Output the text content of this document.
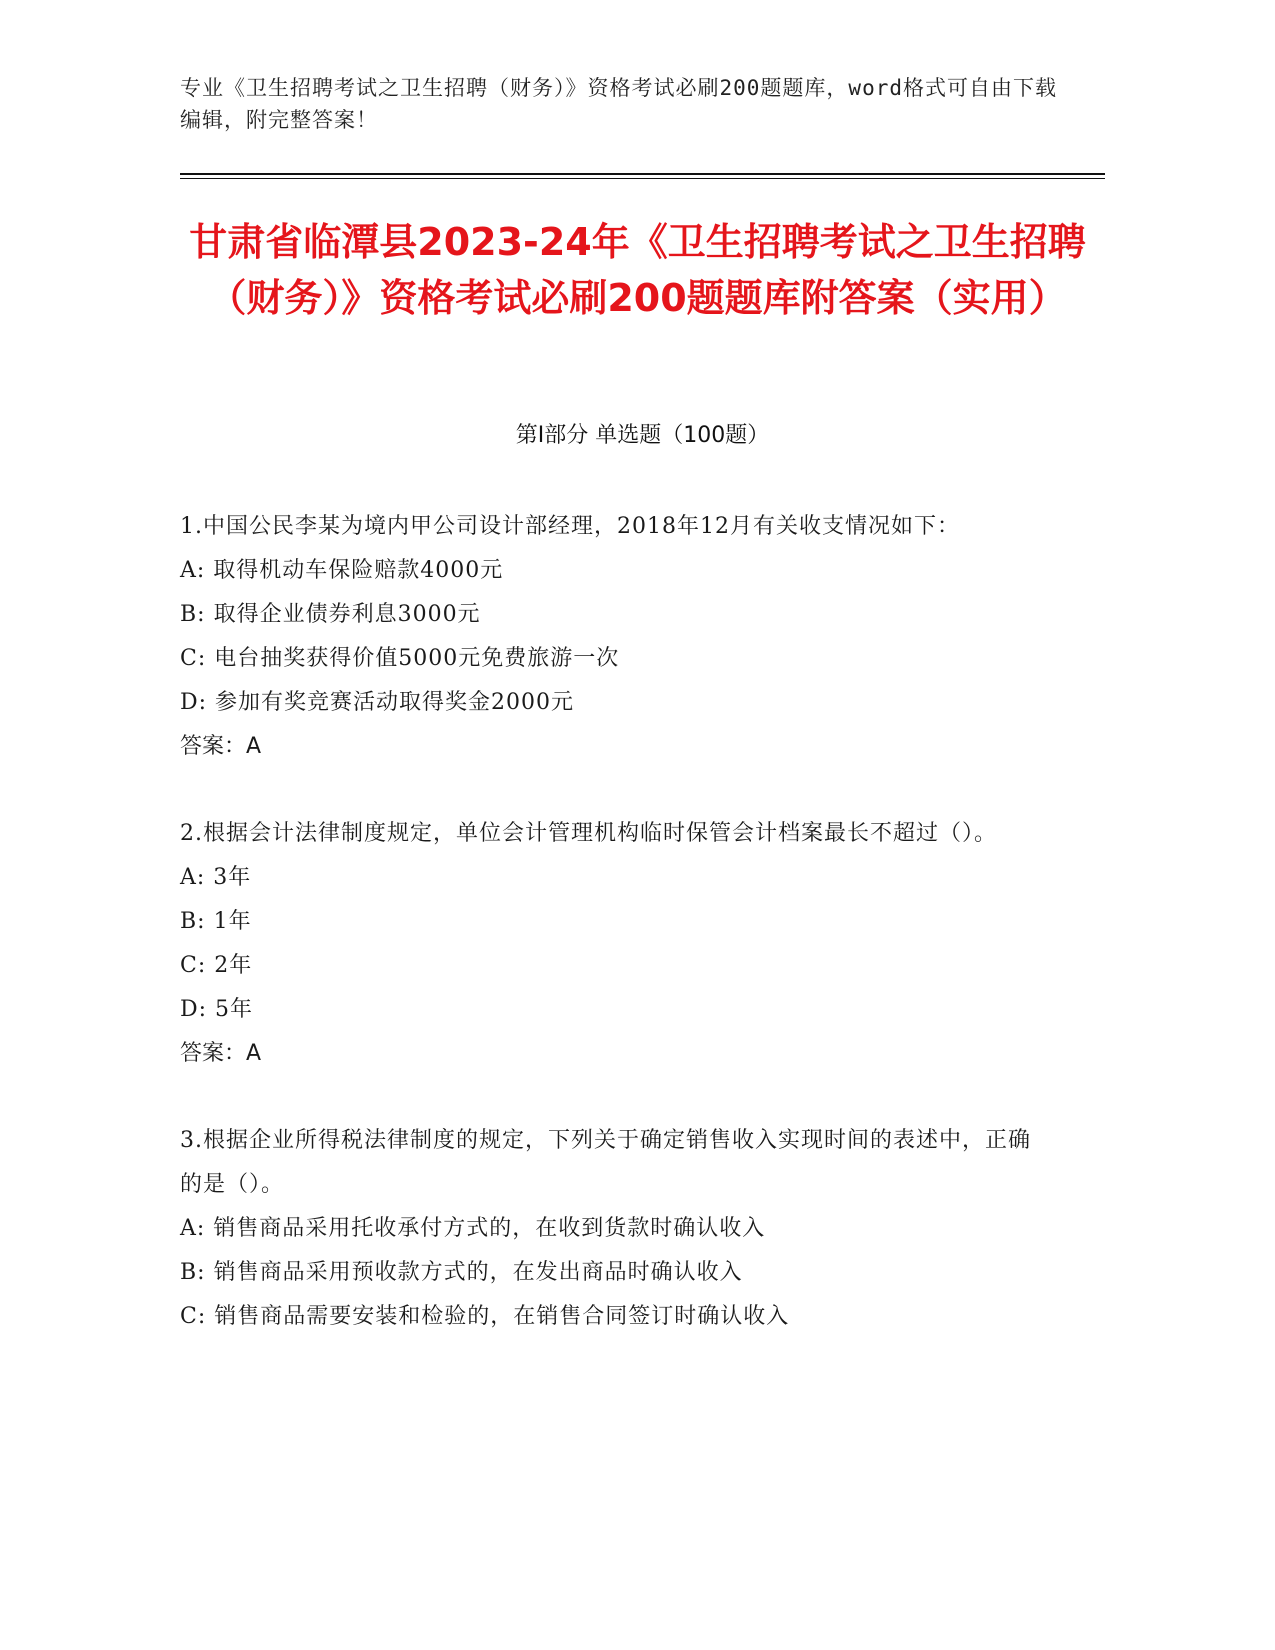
专业《卫生招聘考试之卫生招聘（财务）》资格考试必刷200题题库，word格式可自由下载编辑，附完整答案！
甘肃省临潭县2023-24年《卫生招聘考试之卫生招聘（财务）》资格考试必刷200题题库附答案（实用）
第I部分 单选题（100题）
1.中国公民李某为境内甲公司设计部经理，2018年12月有关收支情况如下：
A: 取得机动车保险赔款4000元
B: 取得企业债券利息3000元
C: 电台抽奖获得价值5000元免费旅游一次
D: 参加有奖竞赛活动取得奖金2000元
答案：A
2.根据会计法律制度规定，单位会计管理机构临时保管会计档案最长不超过（）。
A: 3年
B: 1年
C: 2年
D: 5年
答案：A
3.根据企业所得税法律制度的规定，下列关于确定销售收入实现时间的表述中，正确的是（）。
A: 销售商品采用托收承付方式的，在收到货款时确认收入
B: 销售商品采用预收款方式的，在发出商品时确认收入
C: 销售商品需要安装和检验的，在销售合同签订时确认收入
